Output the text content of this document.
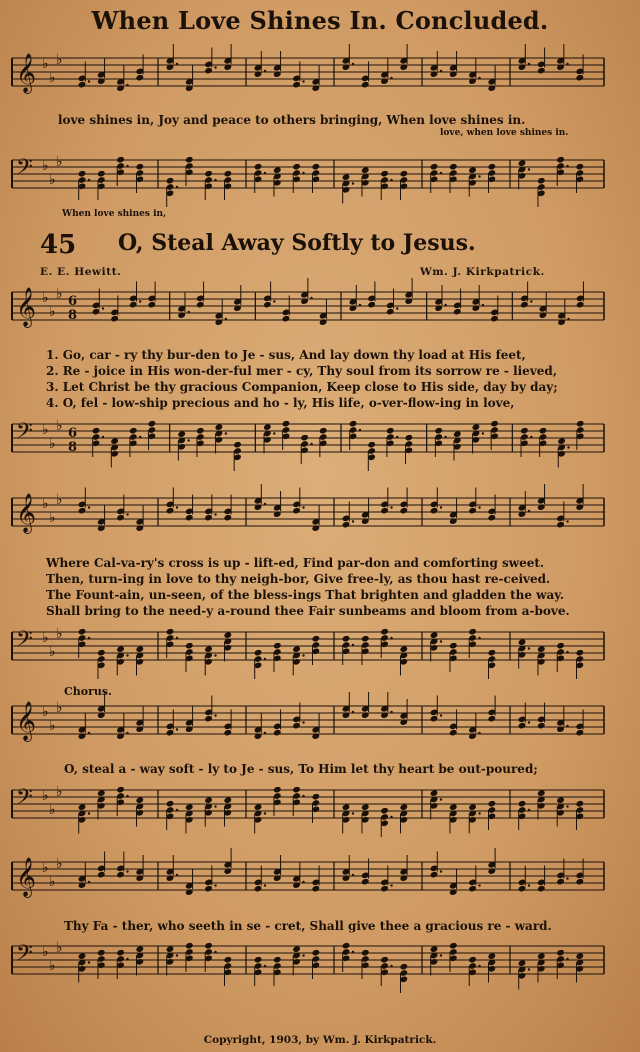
When Love Shines In. Concluded.
𝄞 ♭
♭
♭
𝄢 ♭
♭
♭
𝄞 ♭
♭
♭ 6
8
𝄢 ♭
♭
♭ 6
8
𝄞 ♭
♭
♭
𝄢 ♭
♭
♭
𝄞 ♭
♭
♭
𝄢 ♭
♭
♭
𝄞 ♭
♭
♭
𝄢 ♭
♭
♭
love shines in, Joy and peace to others bringing, When love shines in.
love, when love shines in.
When love shines in,
45 O, Steal Away Softly to Jesus.
E. E. Hewitt.	Wm. J. Kirkpatrick.
1. Go, car - ry thy bur-den to Je - sus, And lay down thy load at His feet,
2. Re - joice in His won-der-ful mer - cy, Thy soul from its sorrow re - lieved,
3. Let Christ be thy gracious Companion, Keep close to His side, day by day;
4. O, fel - low-ship precious and ho - ly, His life, o-ver-flow-ing in love,
Where Cal-va-ry's cross is up - lift-ed, Find par-don and comforting sweet.
Then, turn-ing in love to thy neigh-bor, Give free-ly, as thou hast re-ceived.
The Fount-ain, un-seen, of the bless-ings That brighten and gladden the way.
Shall bring to the need-y a-round thee Fair sunbeams and bloom from a-bove.
Chorus.
O, steal a - way soft - ly to Je - sus, To Him let thy heart be out-poured;
Thy Fa - ther, who seeth in se - cret, Shall give thee a gracious re - ward.
Copyright, 1903, by Wm. J. Kirkpatrick.
